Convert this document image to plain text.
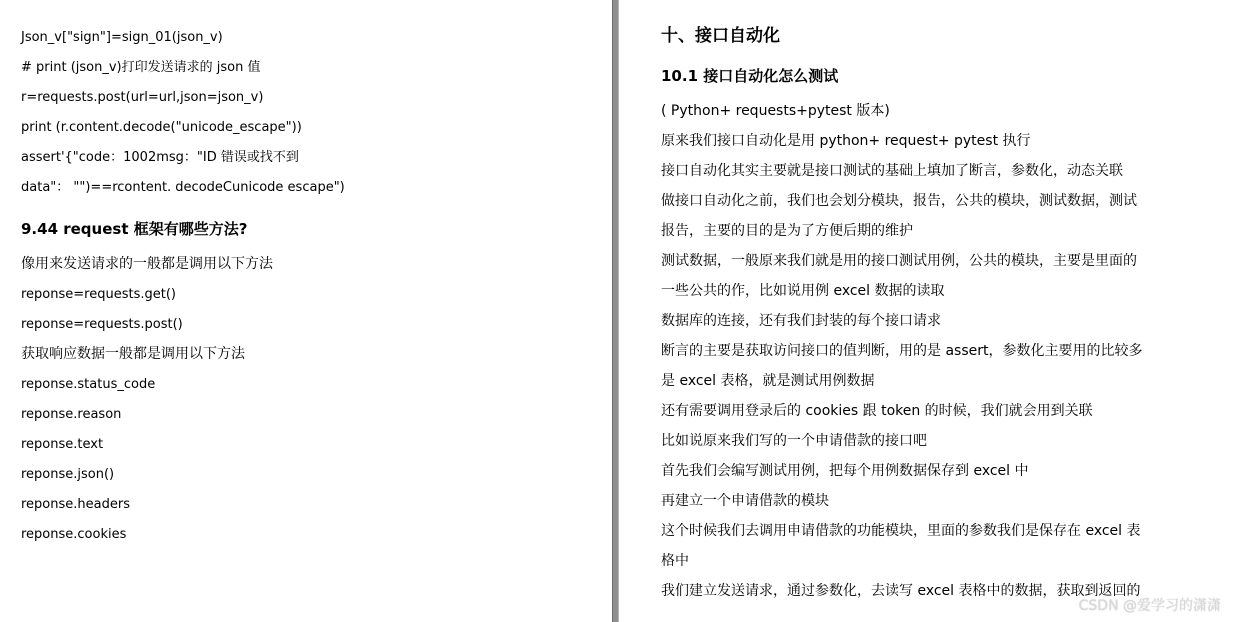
Json_v["sign"]=sign_01(json_v)
# print (json_v)打印发送请求的 json 值
r=requests.post(url=url,json=json_v)
print (r.content.decode("unicode_escape"))
assert'{"code：1002msg："ID 错误或找不到
data"： "")==rcontent. decodeCunicode escape")
9.44 request 框架有哪些方法?
像用来发送请求的一般都是调用以下方法
reponse=requests.get()
reponse=requests.post()
获取响应数据一般都是调用以下方法
reponse.status_code
reponse.reason
reponse.text
reponse.json()
reponse.headers
reponse.cookies
十、接口自动化
10.1 接口自动化怎么测试
( Python+ requests+pytest 版本)
原来我们接口自动化是用 python+ request+ pytest 执行
接口自动化其实主要就是接口测试的基础上填加了断言，参数化，动态关联
做接口自动化之前，我们也会划分模块，报告，公共的模块，测试数据，测试
报告，主要的目的是为了方便后期的维护
测试数据，一般原来我们就是用的接口测试用例，公共的模块，主要是里面的
一些公共的作，比如说用例 excel 数据的读取
数据库的连接，还有我们封装的每个接口请求
断言的主要是获取访问接口的值判断，用的是 assert，参数化主要用的比较多
是 excel 表格，就是测试用例数据
还有需要调用登录后的 cookies 跟 token 的时候，我们就会用到关联
比如说原来我们写的一个申请借款的接口吧
首先我们会编写测试用例，把每个用例数据保存到 excel 中
再建立一个申请借款的模块
这个时候我们去调用申请借款的功能模块，里面的参数我们是保存在 excel 表
格中
我们建立发送请求，通过参数化，去读写 excel 表格中的数据，获取到返回的
CSDN @爱学习的潇潇
